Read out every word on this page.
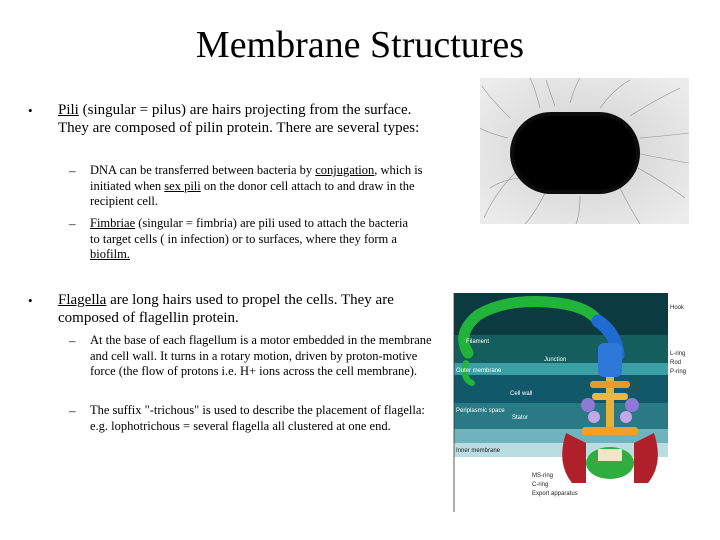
Membrane Structures
• Pili (singular = pilus) are hairs projecting from the surface. They are composed of pilin protein. There are several types:
– DNA can be transferred between bacteria by conjugation, which is initiated when sex pili on the donor cell attach to and draw in the recipient cell.
– Fimbriae (singular = fimbria) are pili used to attach the bacteria to target cells ( in infection) or to surfaces, where they form a biofilm.
• Flagella are long hairs used to propel the cells. They are composed of flagellin protein.
– At the base of each flagellum is a motor embedded in the membrane and cell wall. It turns in a rotary motion, driven by proton-motive force (the flow of protons i.e. H+ ions across the cell membrane).
– The suffix "-trichous" is used to describe the placement of flagella: e.g. lophotrichous = several flagella all clustered at one end.
Hook
Filament
Junction
L-ring
Rod
P-ring
Outer membrane
Cell wall
Periplasmic space
Stator
Inner membrane
MS-ring
C-ring
Export apparatus
